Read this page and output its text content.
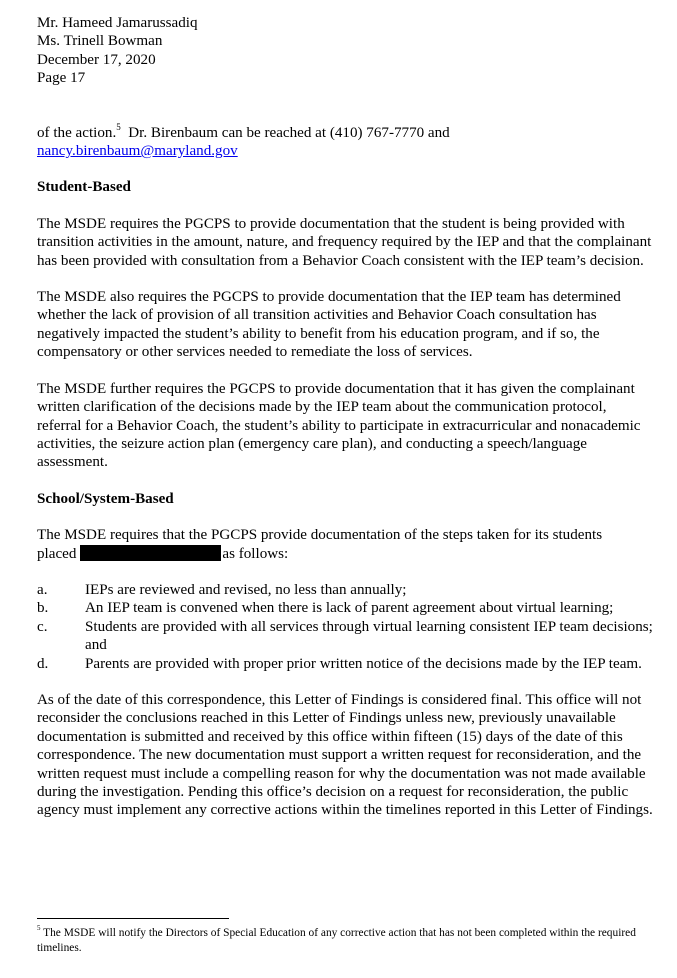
Mr. Hameed Jamarussadiq
Ms. Trinell Bowman
December 17, 2020
Page 17

of the action.$^5$  Dr. Birenbaum can be reached at (410) 767-7770 and
nancy.birenbaum@maryland.gov

Student-Based

The MSDE requires the PGCPS to provide documentation that the student is being provided with transition activities in the amount, nature, and frequency required by the IEP and that the complainant has been provided with consultation from a Behavior Coach consistent with the IEP team’s decision.

The MSDE also requires the PGCPS to provide documentation that the IEP team has determined whether the lack of provision of all transition activities and Behavior Coach consultation has negatively impacted the student’s ability to benefit from his education program, and if so, the compensatory or other services needed to remediate the loss of services.

The MSDE further requires the PGCPS to provide documentation that it has given the complainant written clarification of the decisions made by the IEP team about the communication protocol, referral for a Behavior Coach, the student’s ability to participate in extracurricular and nonacademic activities, the seizure action plan (emergency care plan), and conducting a speech/language assessment.

School/System-Based

The MSDE requires that the PGCPS provide documentation of the steps taken for its students
placed	as follows:

a.	IEPs are reviewed and revised, no less than annually;
b.	An IEP team is convened when there is lack of parent agreement about virtual learning;
c.	Students are provided with all services through virtual learning consistent IEP team decisions; and
d.	Parents are provided with proper prior written notice of the decisions made by the IEP team.

As of the date of this correspondence, this Letter of Findings is considered final. This office will not reconsider the conclusions reached in this Letter of Findings unless new, previously unavailable documentation is submitted and received by this office within fifteen (15) days of the date of this correspondence. The new documentation must support a written request for reconsideration, and the written request must include a compelling reason for why the documentation was not made available during the investigation. Pending this office’s decision on a request for reconsideration, the public agency must implement any corrective actions within the timelines reported in this Letter of Findings.

$^5$ The MSDE will notify the Directors of Special Education of any corrective action that has not been completed within the required timelines.
